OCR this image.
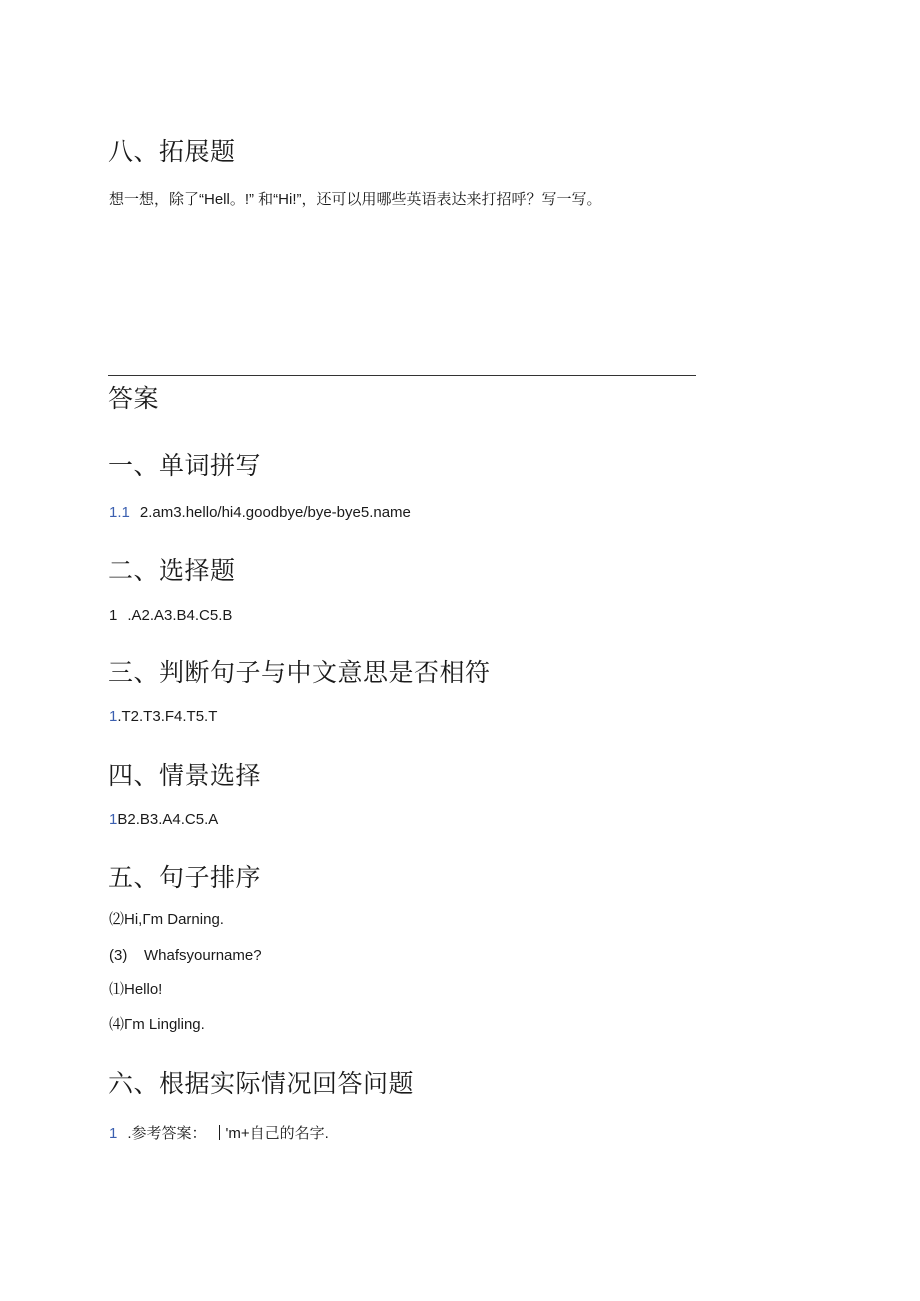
八、拓展题

想一想，除了“Hell。!” 和“Hi!”，还可以用哪些英语表达来打招呼？写一写。

答案
一、单词拼写

1.1 2.am3.hello/hi4.goodbye/bye-bye5.name

二、选择题

1 .A2.A3.B4.C5.B

三、判断句子与中文意思是否相符

1.T2.T3.F4.T5.T

四、情景选择

1B2.B3.A4.C5.A

五、句子排序

⑵Hi,Γm Darning.

(3)    Whafsyourname?

⑴Hello!

⑷Γm Lingling.

六、根据实际情况回答问题

1 .参考答案： 'm+自己的名字.
